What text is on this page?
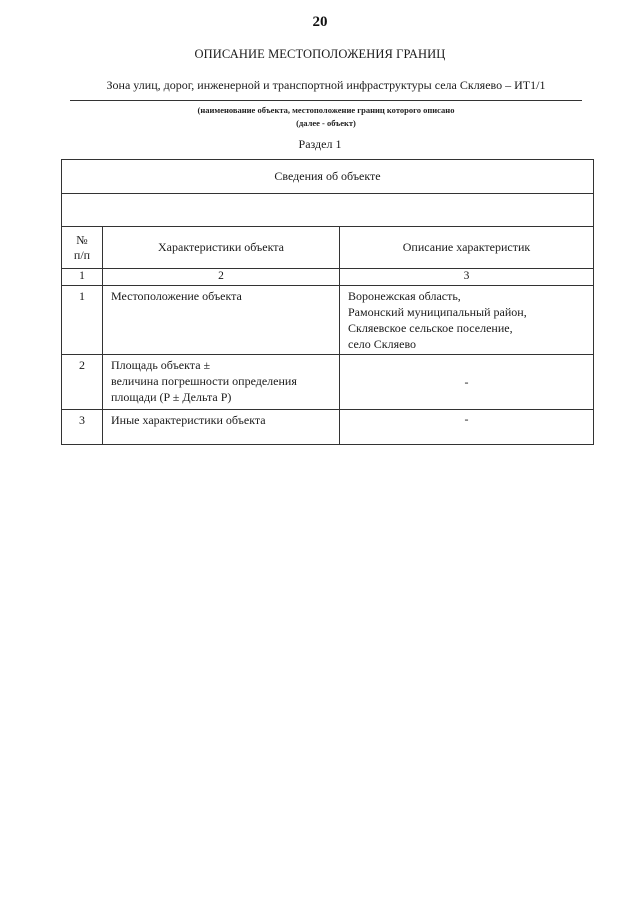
20
ОПИСАНИЕ МЕСТОПОЛОЖЕНИЯ ГРАНИЦ
Зона улиц, дорог, инженерной и транспортной инфраструктуры села Скляево – ИТ1/1
(наименование объекта, местоположение границ которого описано
(далее - объект)
Раздел 1
Сведения об объекте		

№
п/п	Характеристики объекта	Описание характеристик
1	2	3
1	Местоположение объекта	Воронежская область,
Рамонский муниципальный район,
Скляевское сельское поселение,
село Скляево

2	Площадь объекта ±
величина погрешности определения
площади (P ± Дельта P)	-
3	Иные характеристики объекта	-
